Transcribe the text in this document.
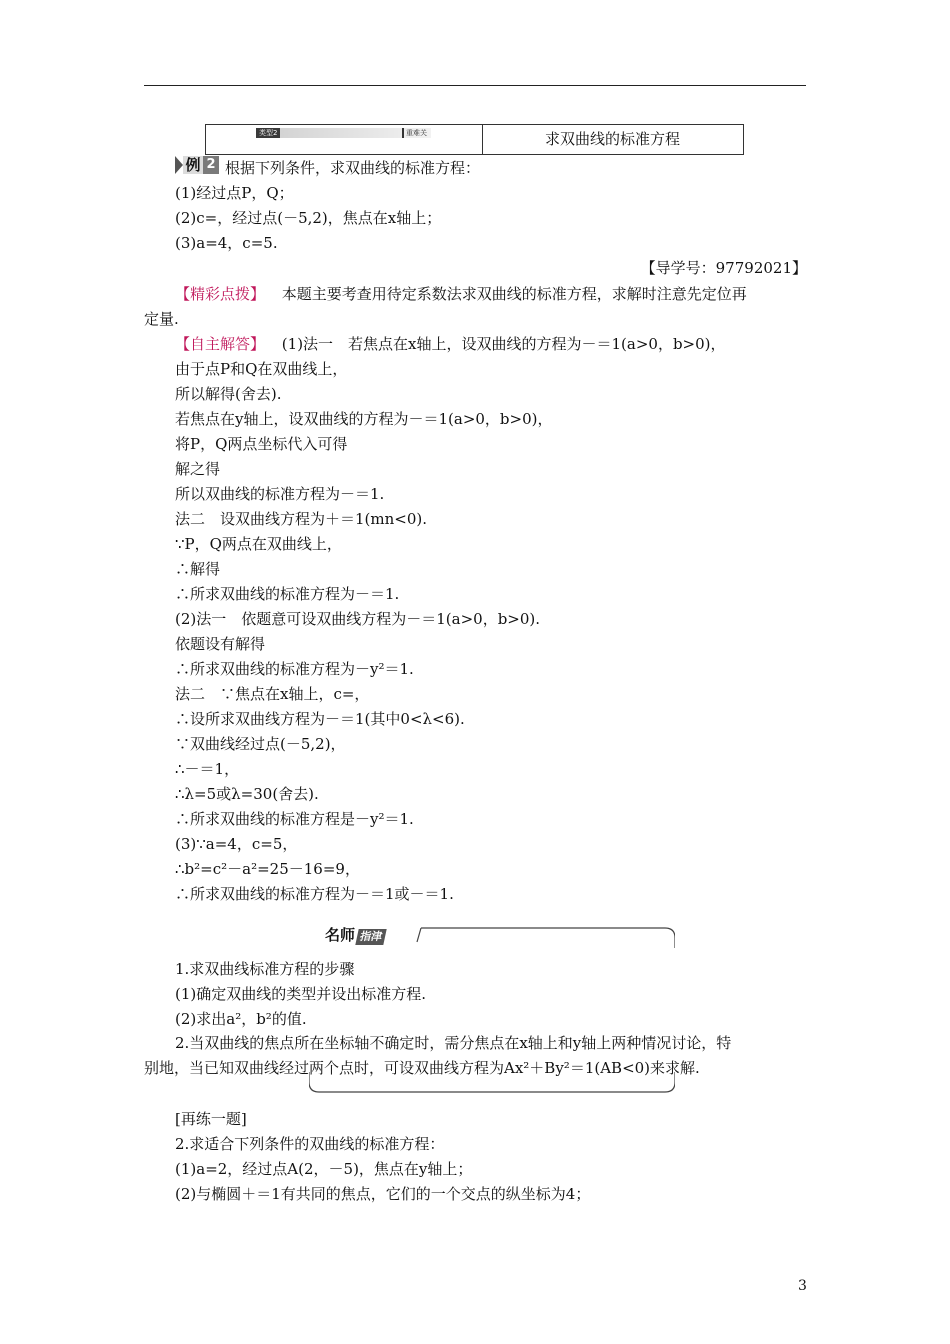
类型2	重难关	求双曲线的标准方程
例 2 根据下列条件，求双曲线的标准方程：
(1)经过点P，Q；
(2)c=，经过点(－5,2)，焦点在x轴上；
(3)a=4，c=5.
【导学号：97792021】
【精彩点拨】 本题主要考查用待定系数法求双曲线的标准方程，求解时注意先定位再
定量.
【自主解答】 (1)法一　若焦点在x轴上，设双曲线的方程为－＝1(a>0，b>0)，
由于点P和Q在双曲线上，
所以解得(舍去).
若焦点在y轴上，设双曲线的方程为－＝1(a>0，b>0)，
将P，Q两点坐标代入可得
解之得
所以双曲线的标准方程为－＝1.
法二　设双曲线方程为＋＝1(mn<0).
∵P，Q两点在双曲线上，
∴解得
∴所求双曲线的标准方程为－＝1.
(2)法一　依题意可设双曲线方程为－＝1(a>0，b>0).
依题设有解得
∴所求双曲线的标准方程为－y²＝1.
法二　∵焦点在x轴上，c=，
∴设所求双曲线方程为－＝1(其中0<λ<6).
∵双曲线经过点(－5,2)，
∴－＝1，
∴λ=5或λ=30(舍去).
∴所求双曲线的标准方程是－y²＝1.
(3)∵a=4，c=5，
∴b²=c²－a²=25－16=9，
∴所求双曲线的标准方程为－＝1或－＝1.
名师 指津
1.求双曲线标准方程的步骤
(1)确定双曲线的类型并设出标准方程.
(2)求出a²，b²的值.
2.当双曲线的焦点所在坐标轴不确定时，需分焦点在x轴上和y轴上两种情况讨论，特
别地，当已知双曲线经过两个点时，可设双曲线方程为Ax²＋By²＝1(AB<0)来求解.
[再练一题]
2.求适合下列条件的双曲线的标准方程：
(1)a=2，经过点A(2，－5)，焦点在y轴上；
(2)与椭圆＋＝1有共同的焦点，它们的一个交点的纵坐标为4；
3
